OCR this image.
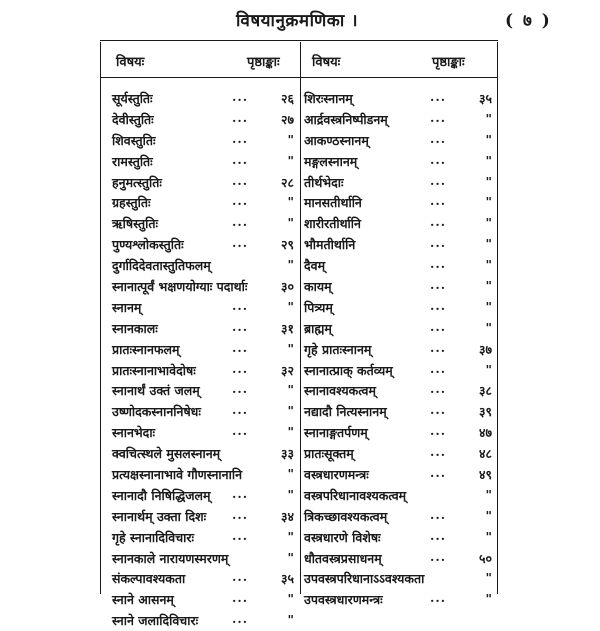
विषयानुक्रमणिका ।	( ७ )
विषयः	पृष्ठाङ्काः विषयः	पृष्ठाङ्काः
सूर्यस्तुतिः	...	२६
देवीस्तुतिः	...	२७
शिवस्तुतिः	...	"
रामस्तुतिः	...	"
हनुमत्स्तुतिः	...	२८
ग्रहस्तुतिः	...	"
ऋषिस्तुतिः	...	"
पुण्यश्लोकस्तुतिः	...	२९
दुर्गादिदेवतास्तुतिफलम्	"
स्नानात्पूर्वं भक्षणयोग्याः पदार्थाः	३०
स्नानम्	...	"
स्नानकालः	...	३१
प्रातःस्नानफलम्	...	"
प्रातःस्नानाभावेदोषः	...	३२
स्नानार्थं उक्तं जलम्	...	"
उष्णोदकस्नाननिषेधः ...	"
स्नानभेदाः	...	"
क्वचित्स्थले मुसलस्नानम्	३३
प्रत्यक्षस्नानाभावे गौणस्नानानि	"
स्नानादौ निषिद्धिजलम् ...	"
स्नानार्थम् उक्ता दिशः ...	३४
गृहे स्नानादिविचारः	...	"
स्नानकाले नारायणस्मरणम्	"
संकल्पावश्यकता	...	३५
स्नाने आसनम्	...	"
स्नाने जलादिविचारः	...	"
शिरःस्नानम्	...	३५
आर्द्रवस्त्रनिष्पीडनम्	...	"
आकण्ठस्नानम्	...	"
मङ्गलस्नानम्	...	"
तीर्थभेदाः	...	"
मानसतीर्थानि	...	"
शारीरतीर्थानि	...	"
भौमतीर्थानि	...	"
दैवम्	...	"
कायम्	...	"
पित्र्यम्	...	"
ब्राह्मम्	...	"
गृहे प्रातःस्नानम्	...	३७
स्नानात्प्राक् कर्तव्यम्	...	"
स्नानावश्यकत्वम्	...	३८
नद्यादौ नित्यस्नानम्	...	३९
स्नानाङ्गतर्पणम्	...	४७
प्रातःसूक्तम्	...	४८
वस्त्रधारणमन्त्रः	...	४९
वस्त्रपरिधानावश्यकत्वम्	"
त्रिकच्छावश्यकत्वम्	...	"
वस्त्रधारणे विशेषः	...	"
धौतवस्त्रप्रसाधनम्	...	५०
उपवस्त्रपरिधानाऽऽवश्यकता	"
उपवस्त्रधारणमन्त्रः	...	"
